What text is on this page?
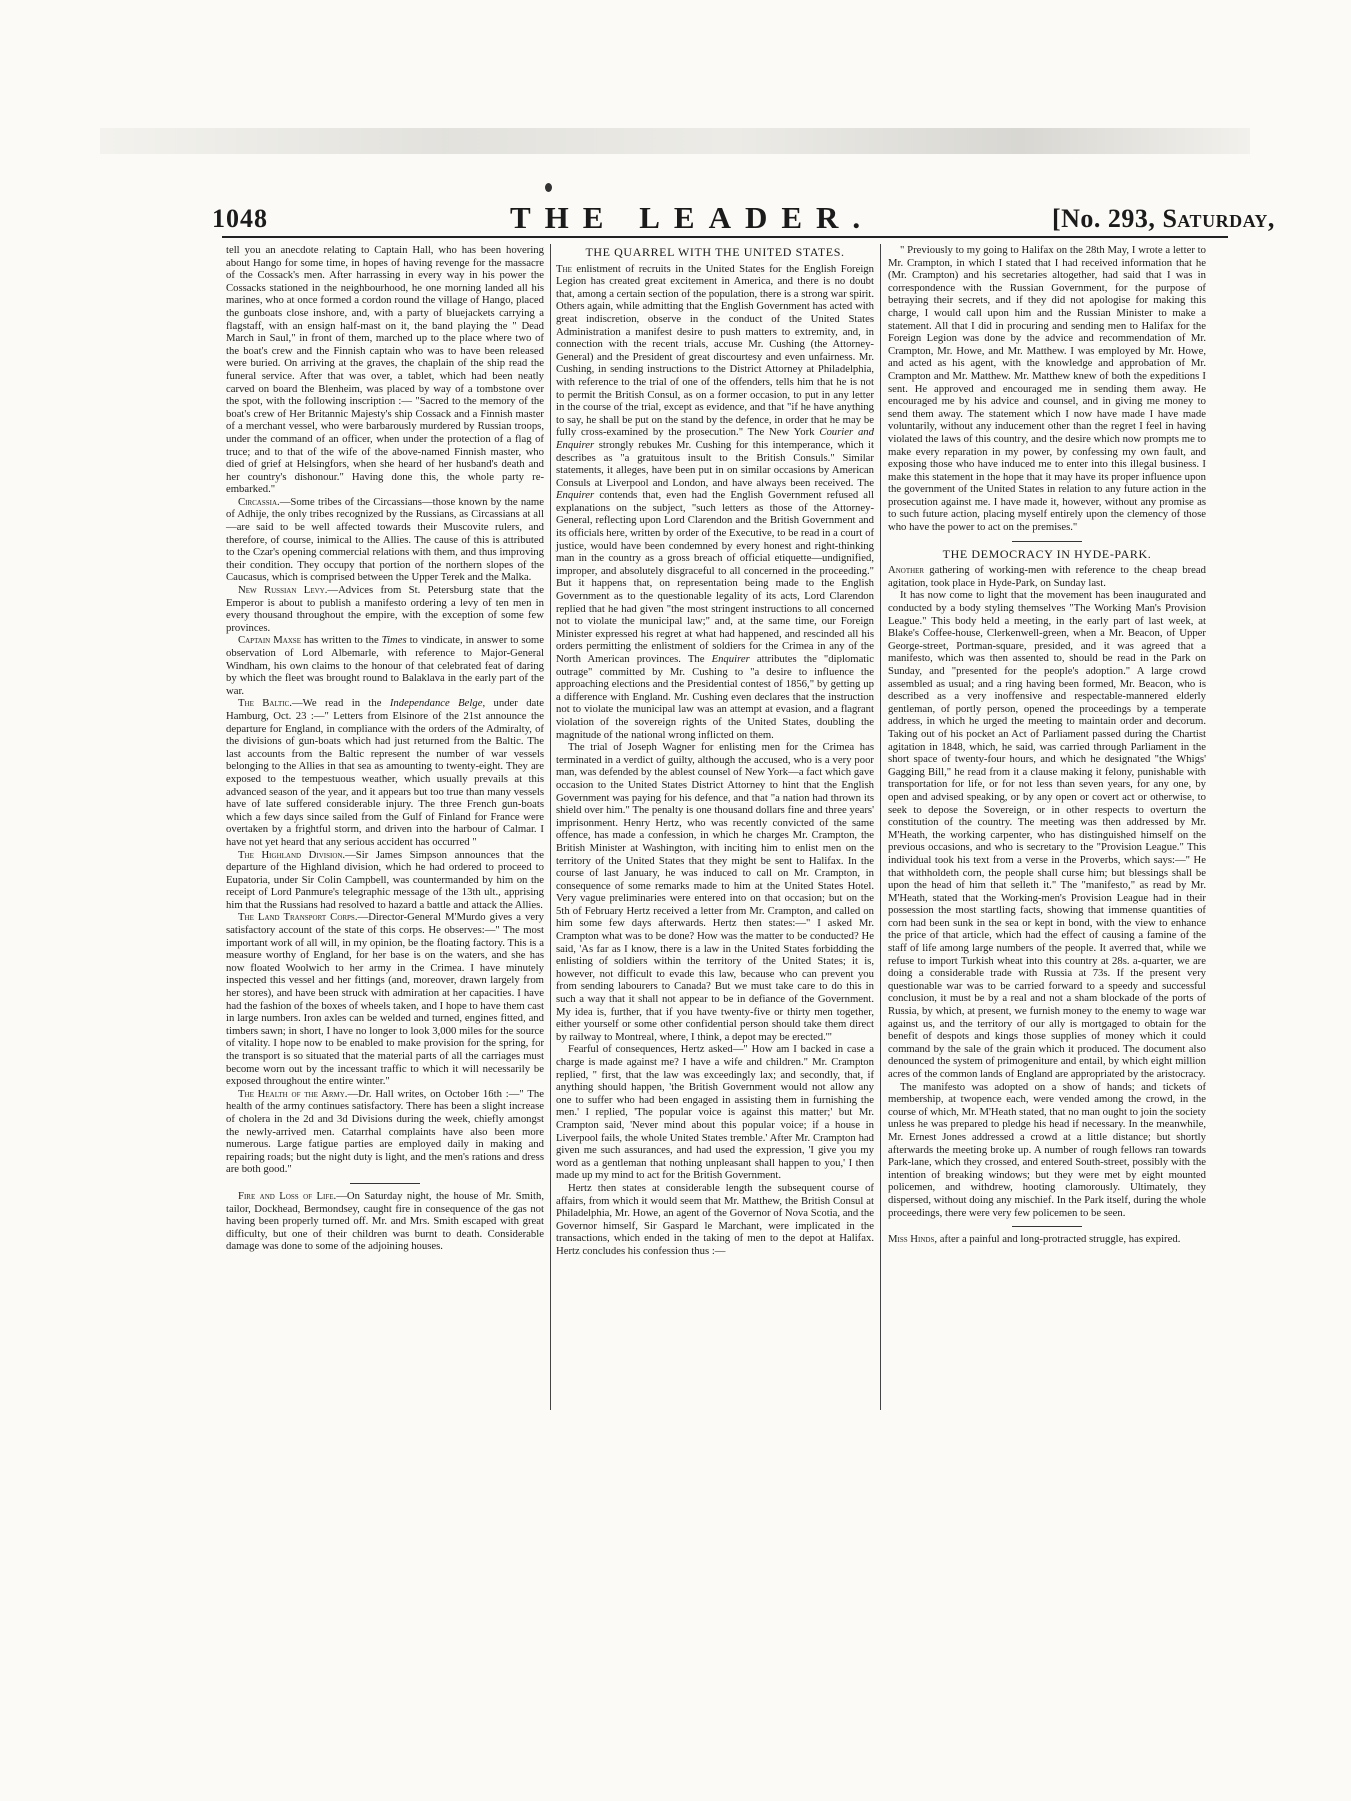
1048	THE LEADER.	[No. 293, Saturday,

tell you an anecdote relating to Captain Hall, who has been hovering about Hango for some time, in hopes of having revenge for the massacre of the Cossack's men. After harrassing in every way in his power the Cossacks stationed in the neighbourhood, he one morning landed all his marines, who at once formed a cordon round the village of Hango, placed the gunboats close inshore, and, with a party of bluejackets carrying a flagstaff, with an ensign half-mast on it, the band playing the " Dead March in Saul," in front of them, marched up to the place where two of the boat's crew and the Finnish captain who was to have been released were buried. On arriving at the graves, the chaplain of the ship read the funeral service. After that was over, a tablet, which had been neatly carved on board the Blenheim, was placed by way of a tombstone over the spot, with the following inscription :— "Sacred to the memory of the boat's crew of Her Britannic Majesty's ship Cossack and a Finnish master of a merchant vessel, who were barbarously murdered by Russian troops, under the command of an officer, when under the protection of a flag of truce; and to that of the wife of the above-named Finnish master, who died of grief at Helsingfors, when she heard of her husband's death and her country's dishonour." Having done this, the whole party re-embarked."

Circassia.—Some tribes of the Circassians—those known by the name of Adhije, the only tribes recognized by the Russians, as Circassians at all—are said to be well affected towards their Muscovite rulers, and therefore, of course, inimical to the Allies. The cause of this is attributed to the Czar's opening commercial relations with them, and thus improving their condition. They occupy that portion of the northern slopes of the Caucasus, which is comprised between the Upper Terek and the Malka.

New Russian Levy.—Advices from St. Petersburg state that the Emperor is about to publish a manifesto ordering a levy of ten men in every thousand throughout the empire, with the exception of some few provinces.

Captain Maxse has written to the Times to vindicate, in answer to some observation of Lord Albemarle, with reference to Major-General Windham, his own claims to the honour of that celebrated feat of daring by which the fleet was brought round to Balaklava in the early part of the war.

The Baltic.—We read in the Independance Belge, under date Hamburg, Oct. 23 :—" Letters from Elsinore of the 21st announce the departure for England, in compliance with the orders of the Admiralty, of the divisions of gun-boats which had just returned from the Baltic. The last accounts from the Baltic represent the number of war vessels belonging to the Allies in that sea as amounting to twenty-eight. They are exposed to the tempestuous weather, which usually prevails at this advanced season of the year, and it appears but too true than many vessels have of late suffered considerable injury. The three French gun-boats which a few days since sailed from the Gulf of Finland for France were overtaken by a frightful storm, and driven into the harbour of Calmar. I have not yet heard that any serious accident has occurred "

The Highland Division.—Sir James Simpson announces that the departure of the Highland division, which he had ordered to proceed to Eupatoria, under Sir Colin Campbell, was countermanded by him on the receipt of Lord Panmure's telegraphic message of the 13th ult., apprising him that the Russians had resolved to hazard a battle and attack the Allies.

The Land Transport Corps.—Director-General M'Murdo gives a very satisfactory account of the state of this corps. He observes:—" The most important work of all will, in my opinion, be the floating factory. This is a measure worthy of England, for her base is on the waters, and she has now floated Woolwich to her army in the Crimea. I have minutely inspected this vessel and her fittings (and, moreover, drawn largely from her stores), and have been struck with admiration at her capacities. I have had the fashion of the boxes of wheels taken, and I hope to have them cast in large numbers. Iron axles can be welded and turned, engines fitted, and timbers sawn; in short, I have no longer to look 3,000 miles for the source of vitality. I hope now to be enabled to make provision for the spring, for the transport is so situated that the material parts of all the carriages must become worn out by the incessant traffic to which it will necessarily be exposed throughout the entire winter."

The Health of the Army.—Dr. Hall writes, on October 16th :—" The health of the army continues satisfactory. There has been a slight increase of cholera in the 2d and 3d Divisions during the week, chiefly amongst the newly-arrived men. Catarrhal complaints have also been more numerous. Large fatigue parties are employed daily in making and repairing roads; but the night duty is light, and the men's rations and dress are both good."

Fire and Loss of Life.—On Saturday night, the house of Mr. Smith, tailor, Dockhead, Bermondsey, caught fire in consequence of the gas not having been properly turned off. Mr. and Mrs. Smith escaped with great difficulty, but one of their children was burnt to death. Considerable damage was done to some of the adjoining houses.

THE QUARREL WITH THE UNITED STATES.

The enlistment of recruits in the United States for the English Foreign Legion has created great excitement in America, and there is no doubt that, among a certain section of the population, there is a strong war spirit. Others again, while admitting that the English Government has acted with great indiscretion, observe in the conduct of the United States Administration a manifest desire to push matters to extremity, and, in connection with the recent trials, accuse Mr. Cushing (the Attorney-General) and the President of great discourtesy and even unfairness. Mr. Cushing, in sending instructions to the District Attorney at Philadelphia, with reference to the trial of one of the offenders, tells him that he is not to permit the British Consul, as on a former occasion, to put in any letter in the course of the trial, except as evidence, and that "if he have anything to say, he shall be put on the stand by the defence, in order that he may be fully cross-examined by the prosecution." The New York Courier and Enquirer strongly rebukes Mr. Cushing for this intemperance, which it describes as "a gratuitous insult to the British Consuls." Similar statements, it alleges, have been put in on similar occasions by American Consuls at Liverpool and London, and have always been received. The Enquirer contends that, even had the English Government refused all explanations on the subject, "such letters as those of the Attorney-General, reflecting upon Lord Clarendon and the British Government and its officials here, written by order of the Executive, to be read in a court of justice, would have been condemned by every honest and right-thinking man in the country as a gross breach of official etiquette—undignified, improper, and absolutely disgraceful to all concerned in the proceeding." But it happens that, on representation being made to the English Government as to the questionable legality of its acts, Lord Clarendon replied that he had given "the most stringent instructions to all concerned not to violate the municipal law;" and, at the same time, our Foreign Minister expressed his regret at what had happened, and rescinded all his orders permitting the enlistment of soldiers for the Crimea in any of the North American provinces. The Enquirer attributes the "diplomatic outrage" committed by Mr. Cushing to "a desire to influence the approaching elections and the Presidential contest of 1856," by getting up a difference with England. Mr. Cushing even declares that the instruction not to violate the municipal law was an attempt at evasion, and a flagrant violation of the sovereign rights of the United States, doubling the magnitude of the national wrong inflicted on them.

The trial of Joseph Wagner for enlisting men for the Crimea has terminated in a verdict of guilty, although the accused, who is a very poor man, was defended by the ablest counsel of New York—a fact which gave occasion to the United States District Attorney to hint that the English Government was paying for his defence, and that "a nation had thrown its shield over him." The penalty is one thousand dollars fine and three years' imprisonment. Henry Hertz, who was recently convicted of the same offence, has made a confession, in which he charges Mr. Crampton, the British Minister at Washington, with inciting him to enlist men on the territory of the United States that they might be sent to Halifax. In the course of last January, he was induced to call on Mr. Crampton, in consequence of some remarks made to him at the United States Hotel. Very vague preliminaries were entered into on that occasion; but on the 5th of February Hertz received a letter from Mr. Crampton, and called on him some few days afterwards. Hertz then states:—" I asked Mr. Crampton what was to be done? How was the matter to be conducted? He said, 'As far as I know, there is a law in the United States forbidding the enlisting of soldiers within the territory of the United States; it is, however, not difficult to evade this law, because who can prevent you from sending labourers to Canada? But we must take care to do this in such a way that it shall not appear to be in defiance of the Government. My idea is, further, that if you have twenty-five or thirty men together, either yourself or some other confidential person should take them direct by railway to Montreal, where, I think, a depot may be erected.'"

Fearful of consequences, Hertz asked—" How am I backed in case a charge is made against me? I have a wife and children." Mr. Crampton replied, " first, that the law was exceedingly lax; and secondly, that, if anything should happen, 'the British Government would not allow any one to suffer who had been engaged in assisting them in furnishing the men.' I replied, 'The popular voice is against this matter;' but Mr. Crampton said, 'Never mind about this popular voice; if a house in Liverpool fails, the whole United States tremble.' After Mr. Crampton had given me such assurances, and had used the expression, 'I give you my word as a gentleman that nothing unpleasant shall happen to you,' I then made up my mind to act for the British Government.

Hertz then states at considerable length the subsequent course of affairs, from which it would seem that Mr. Matthew, the British Consul at Philadelphia, Mr. Howe, an agent of the Governor of Nova Scotia, and the Governor himself, Sir Gaspard le Marchant, were implicated in the transactions, which ended in the taking of men to the depot at Halifax. Hertz concludes his confession thus :—

" Previously to my going to Halifax on the 28th May, I wrote a letter to Mr. Crampton, in which I stated that I had received information that he (Mr. Crampton) and his secretaries altogether, had said that I was in correspondence with the Russian Government, for the purpose of betraying their secrets, and if they did not apologise for making this charge, I would call upon him and the Russian Minister to make a statement. All that I did in procuring and sending men to Halifax for the Foreign Legion was done by the advice and recommendation of Mr. Crampton, Mr. Howe, and Mr. Matthew. I was employed by Mr. Howe, and acted as his agent, with the knowledge and approbation of Mr. Crampton and Mr. Matthew. Mr. Matthew knew of both the expeditions I sent. He approved and encouraged me in sending them away. He encouraged me by his advice and counsel, and in giving me money to send them away. The statement which I now have made I have made voluntarily, without any inducement other than the regret I feel in having violated the laws of this country, and the desire which now prompts me to make every reparation in my power, by confessing my own fault, and exposing those who have induced me to enter into this illegal business. I make this statement in the hope that it may have its proper influence upon the government of the United States in relation to any future action in the prosecution against me. I have made it, however, without any promise as to such future action, placing myself entirely upon the clemency of those who have the power to act on the premises."

THE DEMOCRACY IN HYDE-PARK.

Another gathering of working-men with reference to the cheap bread agitation, took place in Hyde-Park, on Sunday last.

It has now come to light that the movement has been inaugurated and conducted by a body styling themselves "The Working Man's Provision League." This body held a meeting, in the early part of last week, at Blake's Coffee-house, Clerkenwell-green, when a Mr. Beacon, of Upper George-street, Portman-square, presided, and it was agreed that a manifesto, which was then assented to, should be read in the Park on Sunday, and "presented for the people's adoption." A large crowd assembled as usual; and a ring having been formed, Mr. Beacon, who is described as a very inoffensive and respectable-mannered elderly gentleman, of portly person, opened the proceedings by a temperate address, in which he urged the meeting to maintain order and decorum. Taking out of his pocket an Act of Parliament passed during the Chartist agitation in 1848, which, he said, was carried through Parliament in the short space of twenty-four hours, and which he designated "the Whigs' Gagging Bill," he read from it a clause making it felony, punishable with transportation for life, or for not less than seven years, for any one, by open and advised speaking, or by any open or covert act or otherwise, to seek to depose the Sovereign, or in other respects to overturn the constitution of the country. The meeting was then addressed by Mr. M'Heath, the working carpenter, who has distinguished himself on the previous occasions, and who is secretary to the "Provision League." This individual took his text from a verse in the Proverbs, which says:—" He that withholdeth corn, the people shall curse him; but blessings shall be upon the head of him that selleth it." The "manifesto," as read by Mr. M'Heath, stated that the Working-men's Provision League had in their possession the most startling facts, showing that immense quantities of corn had been sunk in the sea or kept in bond, with the view to enhance the price of that article, which had the effect of causing a famine of the staff of life among large numbers of the people. It averred that, while we refuse to import Turkish wheat into this country at 28s. a-quarter, we are doing a considerable trade with Russia at 73s. If the present very questionable war was to be carried forward to a speedy and successful conclusion, it must be by a real and not a sham blockade of the ports of Russia, by which, at present, we furnish money to the enemy to wage war against us, and the territory of our ally is mortgaged to obtain for the benefit of despots and kings those supplies of money which it could command by the sale of the grain which it produced. The document also denounced the system of primogeniture and entail, by which eight million acres of the common lands of England are appropriated by the aristocracy.

The manifesto was adopted on a show of hands; and tickets of membership, at twopence each, were vended among the crowd, in the course of which, Mr. M'Heath stated, that no man ought to join the society unless he was prepared to pledge his head if necessary. In the meanwhile, Mr. Ernest Jones addressed a crowd at a little distance; but shortly afterwards the meeting broke up. A number of rough fellows ran towards Park-lane, which they crossed, and entered South-street, possibly with the intention of breaking windows; but they were met by eight mounted policemen, and withdrew, hooting clamorously. Ultimately, they dispersed, without doing any mischief. In the Park itself, during the whole proceedings, there were very few policemen to be seen.

Miss Hinds, after a painful and long-protracted struggle, has expired.
